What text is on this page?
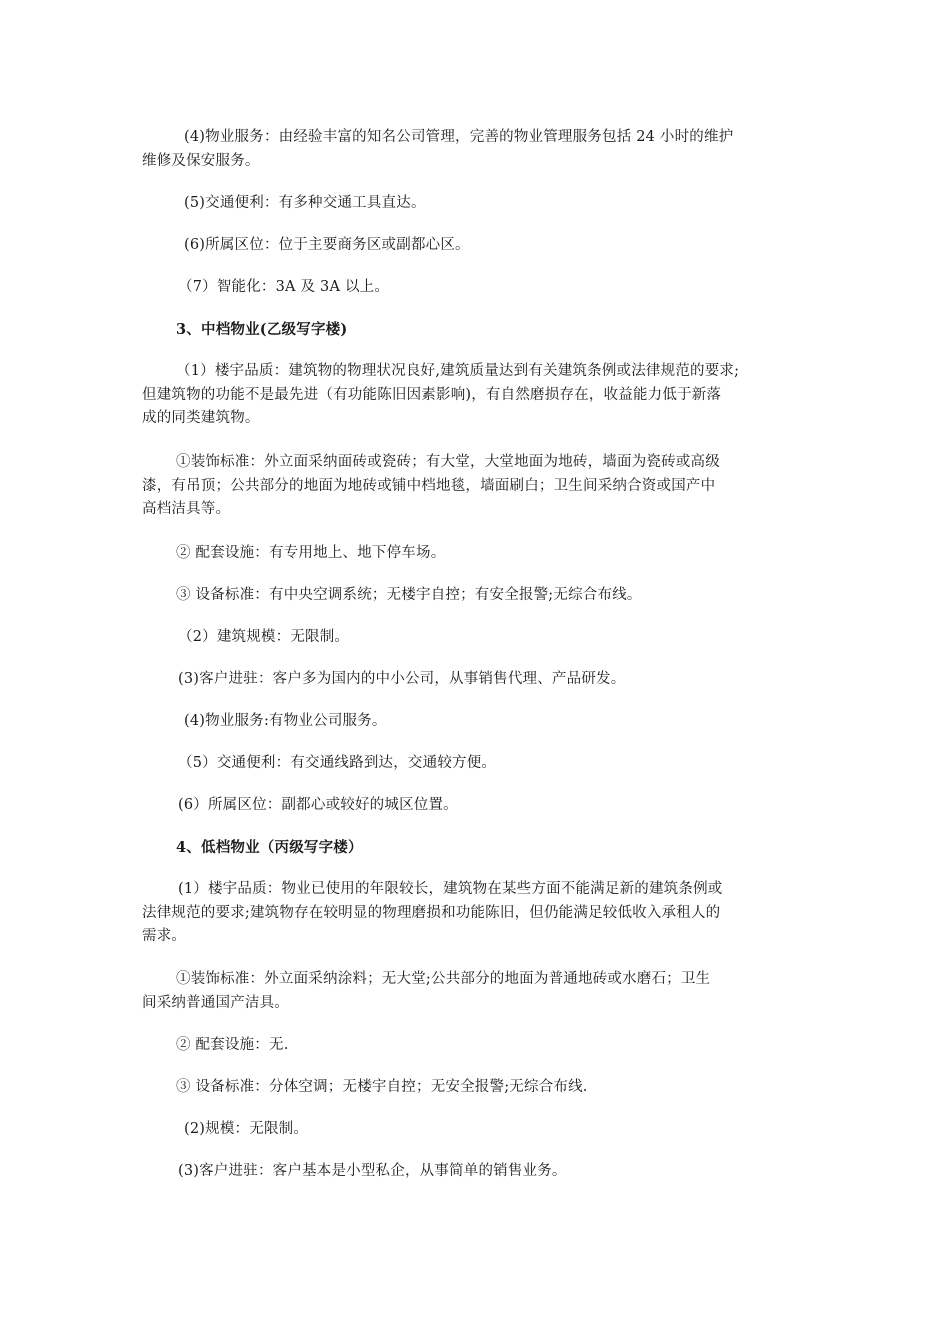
(4)物业服务：由经验丰富的知名公司管理，完善的物业管理服务包括 24 小时的维护
维修及保安服务。

(5)交通便利：有多种交通工具直达。

(6)所属区位：位于主要商务区或副都心区。

（7）智能化：3A 及 3A 以上。

3、中档物业(乙级写字楼)

（1）楼宇品质：建筑物的物理状况良好,建筑质量达到有关建筑条例或法律规范的要求;
但建筑物的功能不是最先进（有功能陈旧因素影响)，有自然磨损存在，收益能力低于新落
成的同类建筑物。

①装饰标准：外立面采纳面砖或瓷砖；有大堂，大堂地面为地砖，墙面为瓷砖或高级
漆，有吊顶；公共部分的地面为地砖或铺中档地毯，墙面刷白；卫生间采纳合资或国产中
高档洁具等。

② 配套设施：有专用地上、地下停车场。

③ 设备标准：有中央空调系统；无楼宇自控；有安全报警;无综合布线。

（2）建筑规模：无限制。

(3)客户进驻：客户多为国内的中小公司，从事销售代理、产品研发。

(4)物业服务:有物业公司服务。

（5）交通便利：有交通线路到达，交通较方便。

(6）所属区位：副都心或较好的城区位置。

4、低档物业（丙级写字楼）

(1）楼宇品质：物业已使用的年限较长，建筑物在某些方面不能满足新的建筑条例或
法律规范的要求;建筑物存在较明显的物理磨损和功能陈旧，但仍能满足较低收入承租人的
需求。

①装饰标准：外立面采纳涂料；无大堂;公共部分的地面为普通地砖或水磨石；卫生
间采纳普通国产洁具。

② 配套设施：无.

③ 设备标准：分体空调；无楼宇自控；无安全报警;无综合布线.

(2)规模：无限制。

(3)客户进驻：客户基本是小型私企，从事简单的销售业务。
